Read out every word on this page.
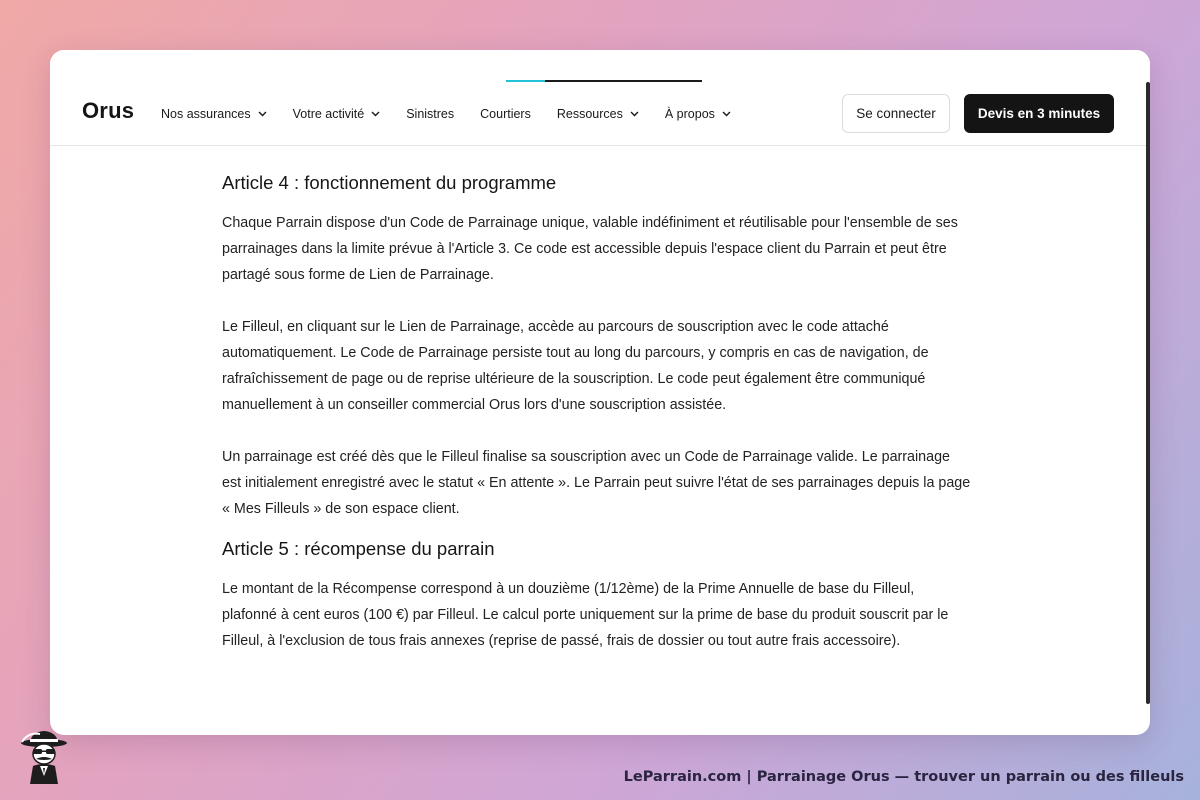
Orus Nos assurances	Votre activité	Sinistres Courtiers Ressources	À propos	Se connecter	Devis en 3 minutes
Article 4 : fonctionnement du programme

Chaque Parrain dispose d'un Code de Parrainage unique, valable indéfiniment et réutilisable pour l'ensemble de ses parrainages dans la limite prévue à l'Article 3. Ce code est accessible depuis l'espace client du Parrain et peut être partagé sous forme de Lien de Parrainage.

Le Filleul, en cliquant sur le Lien de Parrainage, accède au parcours de souscription avec le code attaché automatiquement. Le Code de Parrainage persiste tout au long du parcours, y compris en cas de navigation, de rafraîchissement de page ou de reprise ultérieure de la souscription. Le code peut également être communiqué manuellement à un conseiller commercial Orus lors d'une souscription assistée.

Un parrainage est créé dès que le Filleul finalise sa souscription avec un Code de Parrainage valide. Le parrainage est initialement enregistré avec le statut « En attente ». Le Parrain peut suivre l'état de ses parrainages depuis la page « Mes Filleuls » de son espace client.

Article 5 : récompense du parrain

Le montant de la Récompense correspond à un douzième (1/12ème) de la Prime Annuelle de base du Filleul, plafonné à cent euros (100 €) par Filleul. Le calcul porte uniquement sur la prime de base du produit souscrit par le Filleul, à l'exclusion de tous frais annexes (reprise de passé, frais de dossier ou tout autre frais accessoire).

LeParrain.com | Parrainage Orus — trouver un parrain ou des filleuls
